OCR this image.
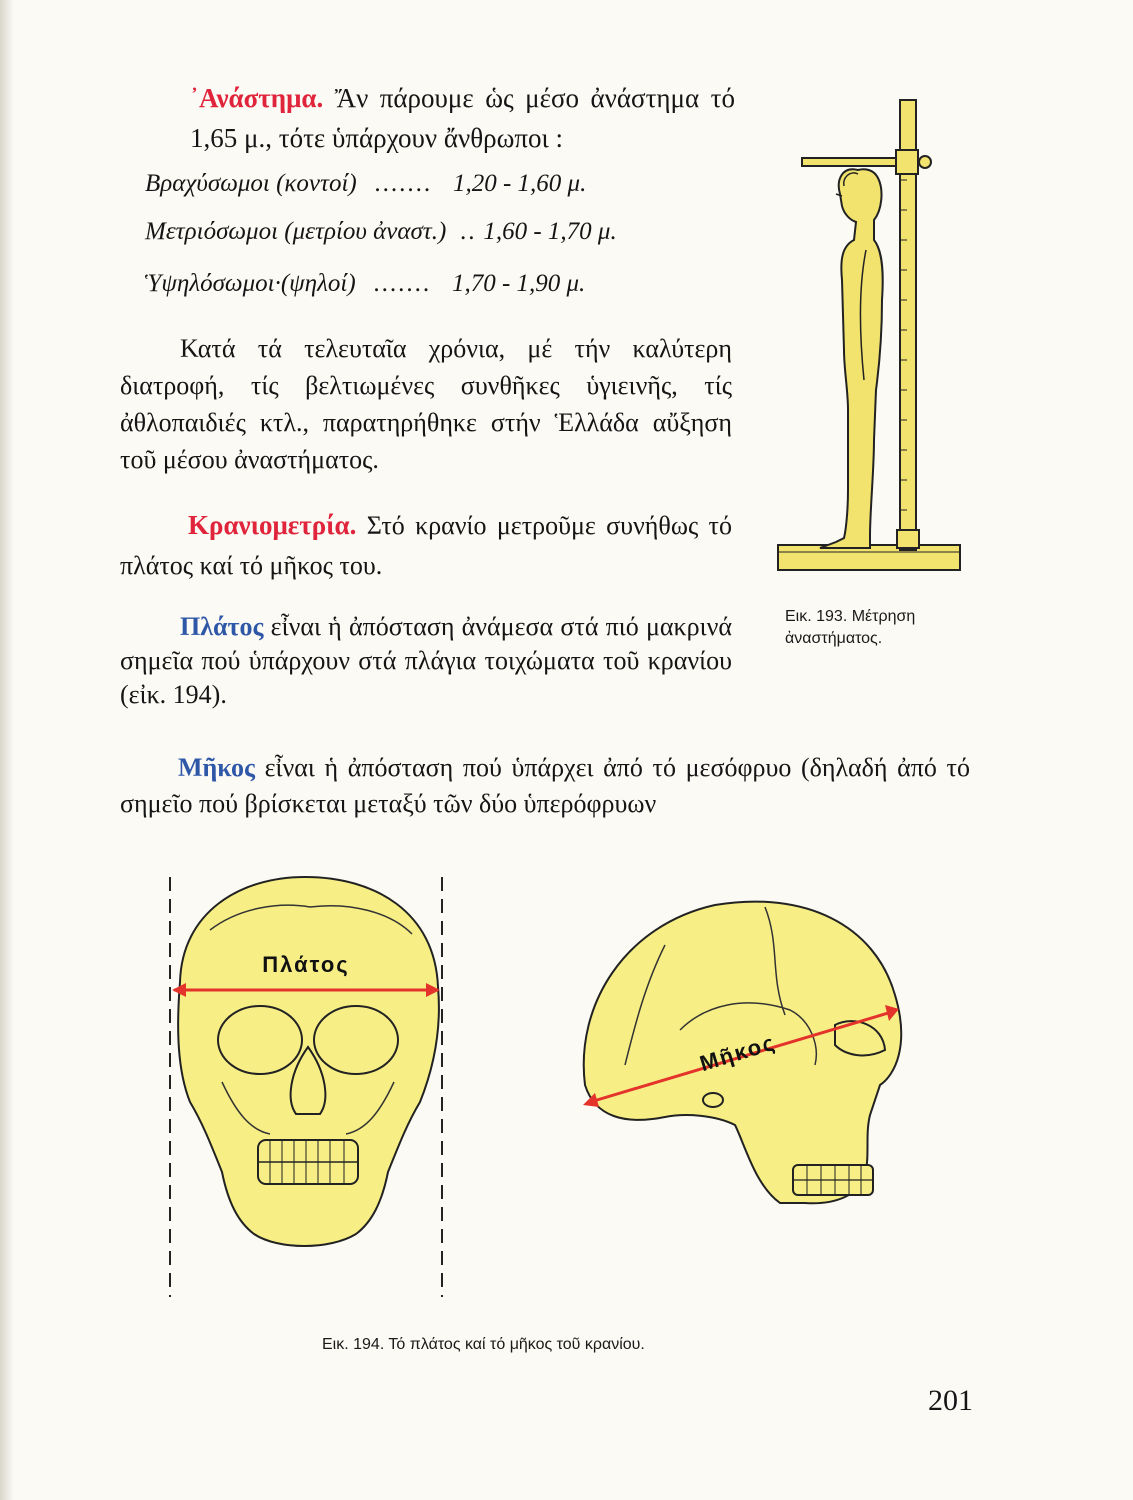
᾽Ανάστημα. Ἄν πάρουμε ὡς μέσο ἀνάστημα τό 1,65 μ., τότε ὑπάρχουν ἄνθρωποι :

Βραχύσωμοι (κοντοί) ....... 1,20 - 1,60 μ.
Μετριόσωμοι (μετρίου ἀναστ.) .. 1,60 - 1,70 μ.
Ὑψηλόσωμοι·(ψηλοί) ....... 1,70 - 1,90 μ.

Κατά τά τελευταῖα χρόνια, μέ τήν καλύτερη διατροφή, τίς βελτιωμένες συνθῆκες ὑγιεινῆς, τίς ἀθλοπαιδιές κτλ., παρατηρήθηκε στήν Ἑλλάδα αὔξηση τοῦ μέσου ἀναστήματος.

Κρανιομετρία. Στό κρανίο μετροῦμε συνήθως τό πλάτος καί τό μῆκος του.

Πλάτος εἶναι ἡ ἀπόσταση ἀνάμεσα στά πιό μακρινά σημεῖα πού ὑπάρχουν στά πλάγια τοιχώματα τοῦ κρανίου (εἰκ. 194).

Μῆκος εἶναι ἡ ἀπόσταση πού ὑπάρχει ἀπό τό μεσόφρυο (δηλαδή ἀπό τό σημεῖο πού βρίσκεται μεταξύ τῶν δύο ὑπερόφρυων

Εικ. 193. Μέτρηση ἀναστήματος.
Πλάτος
Μῆκος
Εικ. 194. Τό πλάτος καί τό μῆκος τοῦ κρανίου.
201
